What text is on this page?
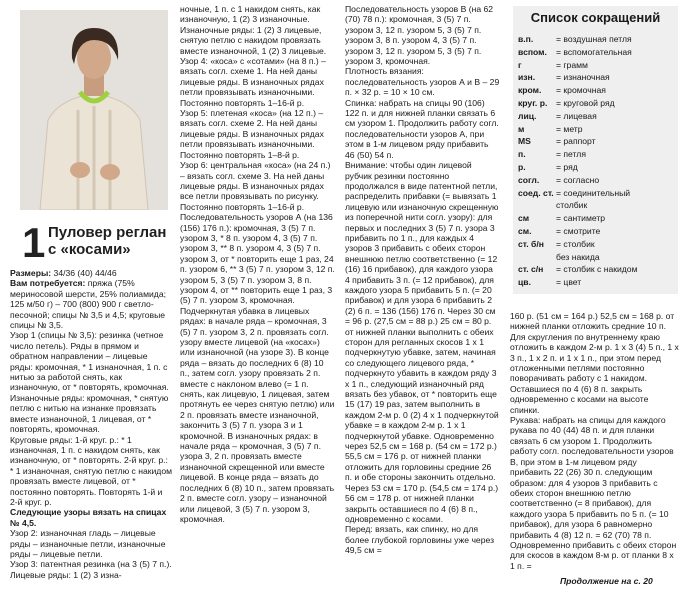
1 Пуловер реглан с «косами»

Размеры: 34/36 (40) 44/46

Вам потребуется: пряжа (75% мериносовой шерсти, 25% полиамида; 125 м/50 г) – 700 (800) 900 г светло-песочной; спицы № 3,5 и 4,5; круговые спицы № 3,5.

Узор 1 (спицы № 3,5): резинка (четное число петель). Ряды в прямом и обратном направлении – лицевые ряды: кромочная, * 1 изнаночная, 1 п. с нитью за работой снять, как изнаночную, от * повторять, кромочная. Изнаночные ряды: кромочная, * снятую петлю с нитью на изнанке провязать вместе изнаночной, 1 лицевая, от * повторять, кромочная.

Круговые ряды: 1-й круг. р.: * 1 изнаночная, 1 п. с накидом снять, как изнаночную, от * повторять. 2-й круг. р.: * 1 изнаночная, снятую петлю с накидом провязать вместе лицевой, от * постоянно повторять. Повторять 1-й и 2-й круг. р.

Следующие узоры вязать на спицах № 4,5.

Узор 2: изнаночная гладь – лицевые ряды – изнаночные петли, изнаночные ряды – лицевые петли.

Узор 3: патентная резинка (на 3 (5) 7 п.). Лицевые ряды: 1 (2) 3 изна-

ночные, 1 п. с 1 накидом снять, как изнаночную, 1 (2) 3 изнаночные. Изнаночные ряды: 1 (2) 3 лицевые, снятую петлю с накидом провязать вместе изнаночной, 1 (2) 3 лицевые.

Узор 4: «коса» с «сотами» (на 8 п.) – вязать согл. схеме 1. На ней даны лицевые ряды. В изнаночных рядах петли провязывать изнаночными. Постоянно повторять 1–16-й р.

Узор 5: плетеная «коса» (на 12 п.) – вязать согл. схеме 2. На ней даны лицевые ряды. В изнаночных рядах петли провязывать изнаночными. Постоянно повторять 1–8-й р.

Узор 6: центральная «коса» (на 24 п.) – вязать согл. схеме 3. На ней даны лицевые ряды. В изнаночных рядах все петли провязывать по рисунку. Постоянно повторять 1–16-й р.

Последовательность узоров А (на 136 (156) 176 п.): кромочная, 3 (5) 7 п. узором 3, * 8 п. узором 4, 3 (5) 7 п. узором 3, ** 8 п. узором 4, 3 (5) 7 п. узором 3, от * повторить еще 1 раз, 24 п. узором 6, ** 3 (5) 7 п. узором 3, 12 п. узором 5, 3 (5) 7 п. узором 3, 8 п. узором 4, от ** повторить еще 1 раз, 3 (5) 7 п. узором 3, кромочная.

Подчеркнутая убавка в лицевых рядах: в начале ряда – кромочная, 3 (5) 7 п. узором 3, 2 п. провязать согл. узору вместе лицевой (на «косах») или изнаночной (на узоре 3). В конце ряда – вязать до последних 6 (8) 10 п., затем согл. узору провязать 2 п. вместе с наклоном влево (= 1 п. снять, как лицевую, 1 лицевая, затем протянуть ее через снятую петлю) или 2 п. провязать вместе изнаночной, закончить 3 (5) 7 п. узора 3 и 1 кромочной. В изнаночных рядах: в начале ряда – кромочная, 3 (5) 7 п. узора 3, 2 п. провязать вместе изнаночной скрещенной или вместе лицевой. В конце ряда – вязать до последних 6 (8) 10 п., затем провязать 2 п. вместе согл. узору – изнаночной или лицевой, 3 (5) 7 п. узором 3, кромочная.

Последовательность узоров В (на 62 (70) 78 п.): кромочная, 3 (5) 7 п. узором 3, 12 п. узором 5, 3 (5) 7 п. узором 3, 8 п. узором 4, 3 (5) 7 п. узором 3, 12 п. узором 5, 3 (5) 7 п. узором 3, кромочная.

Плотность вязания: последовательность узоров А и В – 29 п. × 32 р. = 10 × 10 см.

Спинка: набрать на спицы 90 (106) 122 п. и для нижней планки связать 6 см узором 1. Продолжить работу согл. последовательности узоров А, при этом в 1-м лицевом ряду прибавить 46 (50) 54 п.

Внимание: чтобы один лицевой рубчик резинки постоянно продолжался в виде патентной петли, распределить прибавки (= вывязать 1 лицевую или изнаночную скрещенную из поперечной нити согл. узору): для первых и последних 3 (5) 7 п. узора 3 прибавить по 1 п., для каждых 4 узоров 3 прибавить с обеих сторон внешнюю петлю соответственно (= 12 (16) 16 прибавок), для каждого узора 4 прибавить 3 п. (= 12 прибавок), для каждого узора 5 прибавить 5 п. (= 20 прибавок) и для узора 6 прибавить 2 (2) 6 п. = 136 (156) 176 п. Через 30 см = 96 р. (27,5 см = 88 р.) 25 см = 80 р. от нижней планки выполнить с обеих сторон для регланных скосов 1 х 1 подчеркнутую убавке, затем, начиная со следующего лицевого ряда, * подчеркнуто убавить в каждом ряду 3 х 1 п., следующий изнаночный ряд вязать без убавок, от * повторить еще 15 (17) 19 раз, затем выполнить в каждом 2-м р. 0 (2) 4 х 1 подчеркнутой убавке = в каждом 2-м р. 1 х 1 подчеркнутой убавке. Одновременно через 52,5 см = 168 р. (54 см = 172 р.) 55,5 см = 176 р. от нижней планки отложить для горловины средние 26 п. и обе стороны закончить отдельно. Через 53 см = 170 р. (54,5 см = 174 р.) 56 см = 178 р. от нижней планки закрыть оставшиеся по 4 (6) 8 п., одновременно с косами.

Перед: вязать, как спинку, но для более глубокой горловины уже через 49,5 см =

Список сокращений
в.п.	= воздушная петля
вспом. = вспомогательная
г	= грамм
изн. = изнаночная
кром. = кромочная
круг. р. = круговой ряд
лиц. = лицевая
м	= метр
MS	= раппорт
п.	= петля
р.	= ряд
согл. = согласно
соед. ст. = соединительный
столбик
см	= сантиметр
см.	= смотрите
ст. б/н = столбик
без накида
ст. с/н = столбик с накидом
цв.	= цвет

160 р. (51 см = 164 р.) 52,5 см = 168 р. от нижней планки отложить средние 10 п. Для скругления по внутреннему краю отложить в каждом 2-м р. 1 х 3 (4) 5 п., 1 х 3 п., 1 х 2 п. и 1 х 1 п., при этом перед отложенными петлями постоянно поворачивать работу с 1 накидом. Оставшиеся по 4 (6) 8 п. закрыть одновременно с косами на высоте спинки.

Рукава: набрать на спицы для каждого рукава по 40 (44) 48 п. и для планки связать 6 см узором 1. Продолжить работу согл. последовательности узоров В, при этом в 1-м лицевом ряду прибавить 22 (26) 30 п. следующим образом: для 4 узоров 3 прибавить с обеих сторон внешнюю петлю соответственно (= 8 прибавок), для каждого узора 5 прибавить по 5 п. (= 10 прибавок), для узора 6 равномерно прибавить 4 (8) 12 п. = 62 (70) 78 п. Одновременно прибавить с обеих сторон для скосов в каждом 8-м р. от планки 8 х 1 п. =

Продолжение на с. 20
